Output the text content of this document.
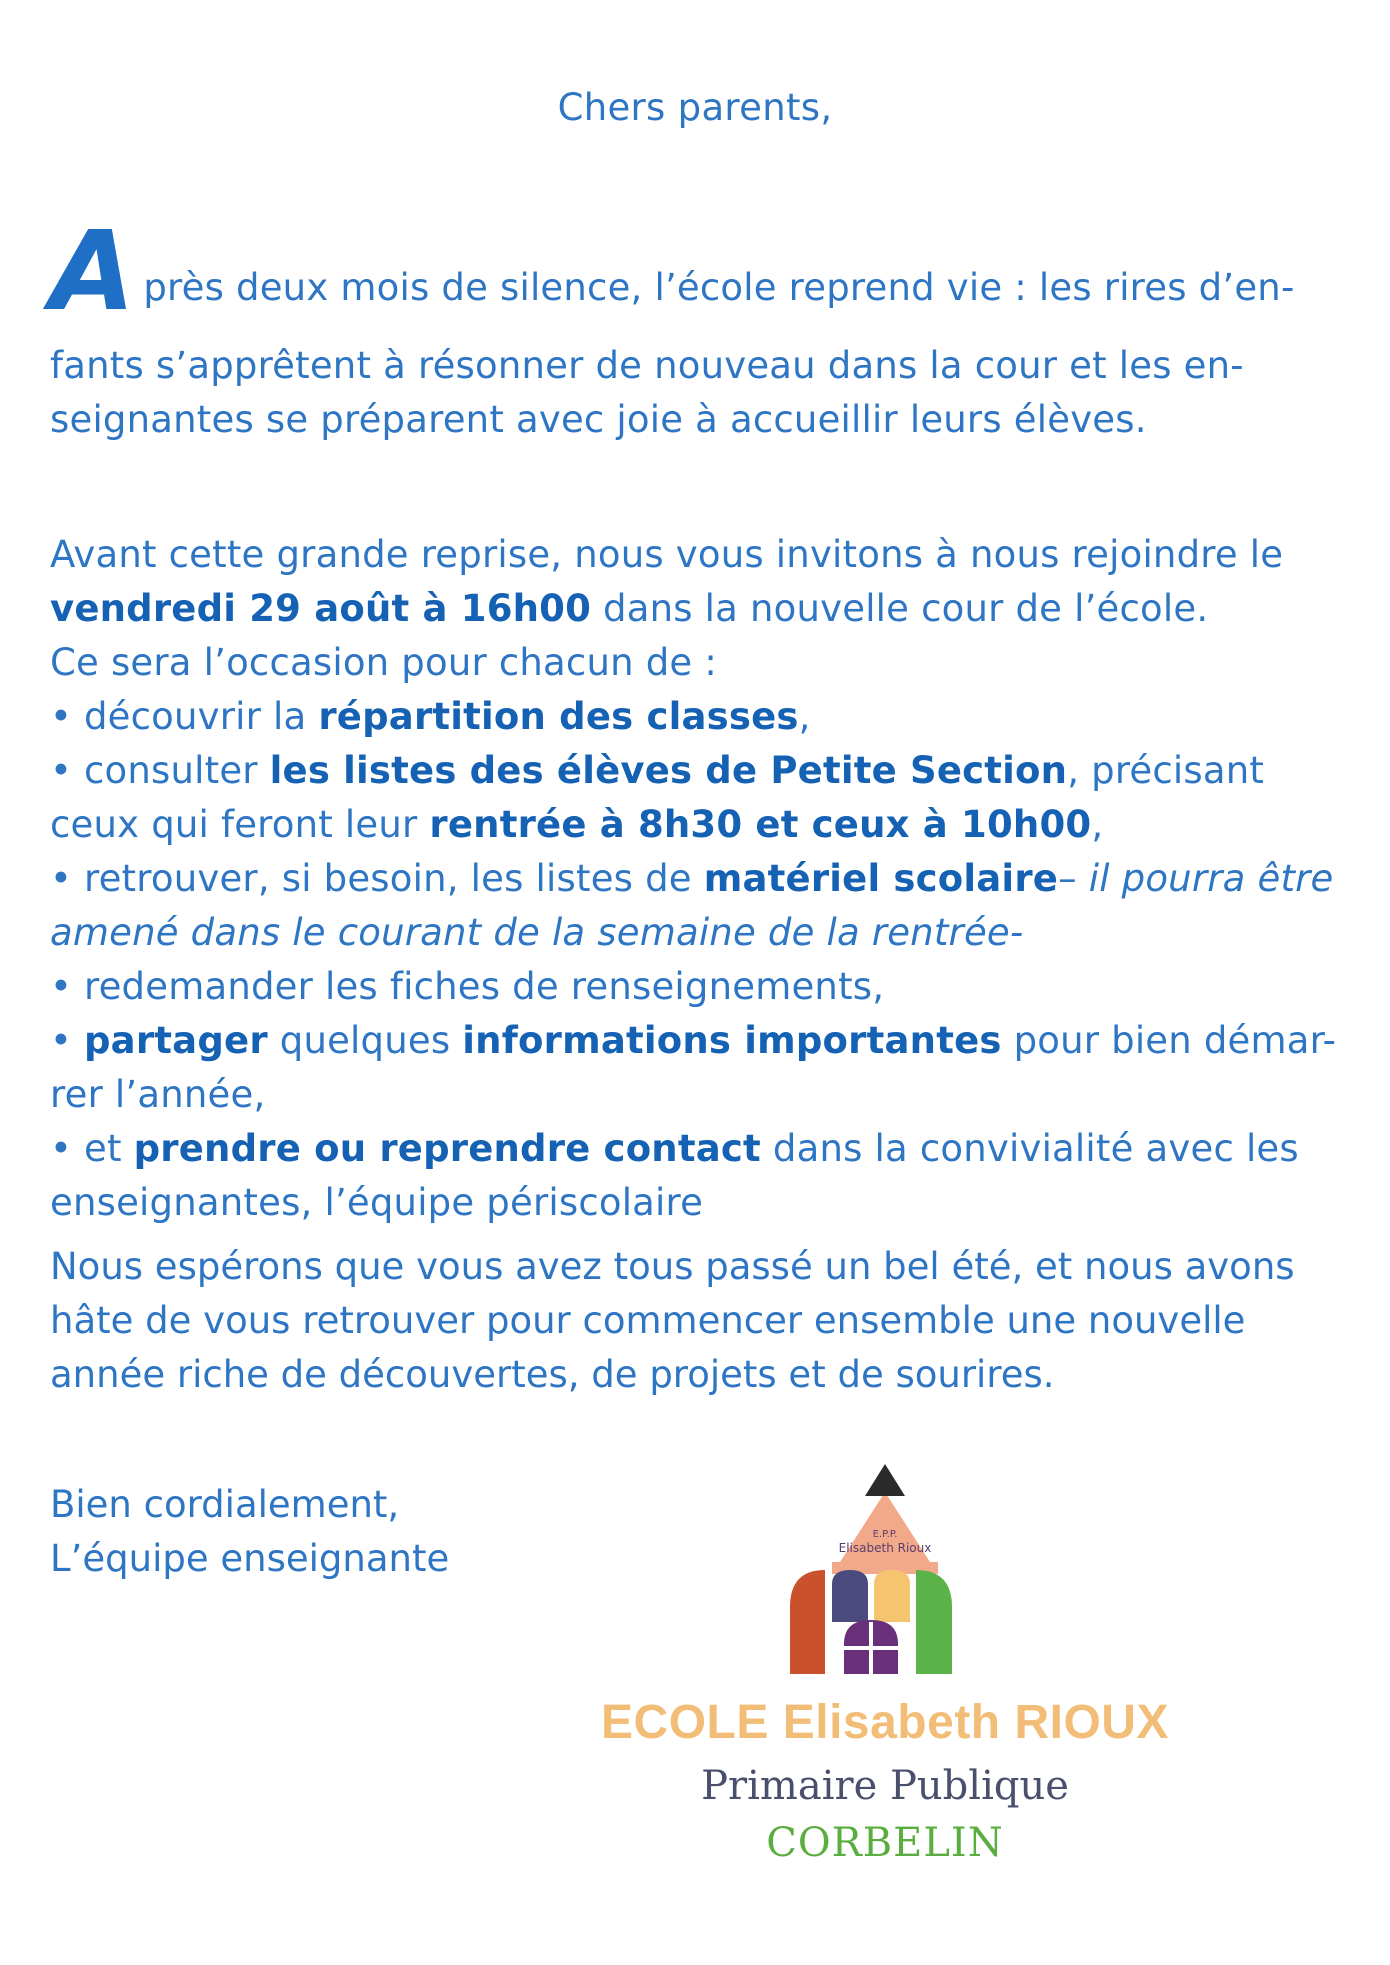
Chers parents,
A près deux mois de silence, l’école reprend vie : les rires d’en-
fants s’apprêtent à résonner de nouveau dans la cour et les en- seignantes se préparent avec joie à accueillir leurs élèves.

Avant cette grande reprise, nous vous invitons à nous rejoindre le vendredi 29 août à 16h00 dans la nouvelle cour de l’école.

Ce sera l’occasion pour chacun de :

• découvrir la répartition des classes,

• consulter les listes des élèves de Petite Section, précisant ceux qui feront leur rentrée à 8h30 et ceux à 10h00,

• retrouver, si besoin, les listes de matériel scolaire– il pourra être amené dans le courant de la semaine de la rentrée-

• redemander les fiches de renseignements,

• partager quelques informations importantes pour bien démar- rer l’année,

• et prendre ou reprendre contact dans la convivialité avec les enseignantes, l’équipe périscolaire

Nous espérons que vous avez tous passé un bel été, et nous avons hâte de vous retrouver pour commencer ensemble une nouvelle année riche de découvertes, de projets et de sourires.
Bien cordialement,
L’équipe enseignante
E.P.P.
Elisabeth Rioux
ECOLE Elisabeth RIOUX
Primaire Publique
CORBELIN
